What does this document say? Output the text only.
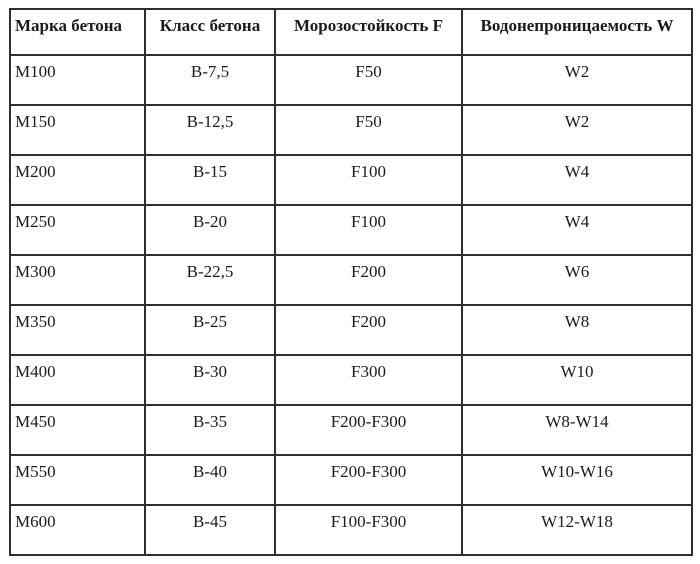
Марка бетона	Класс бетона	Морозостойкость F	Водонепроницаемость W
М100	В-7,5	F50	W2
М150	В-12,5	F50	W2
М200	В-15	F100	W4
М250	В-20	F100	W4
М300	В-22,5	F200	W6
М350	В-25	F200	W8
М400	В-30	F300	W10
М450	В-35	F200-F300	W8-W14
М550	В-40	F200-F300	W10-W16
М600	В-45	F100-F300	W12-W18
